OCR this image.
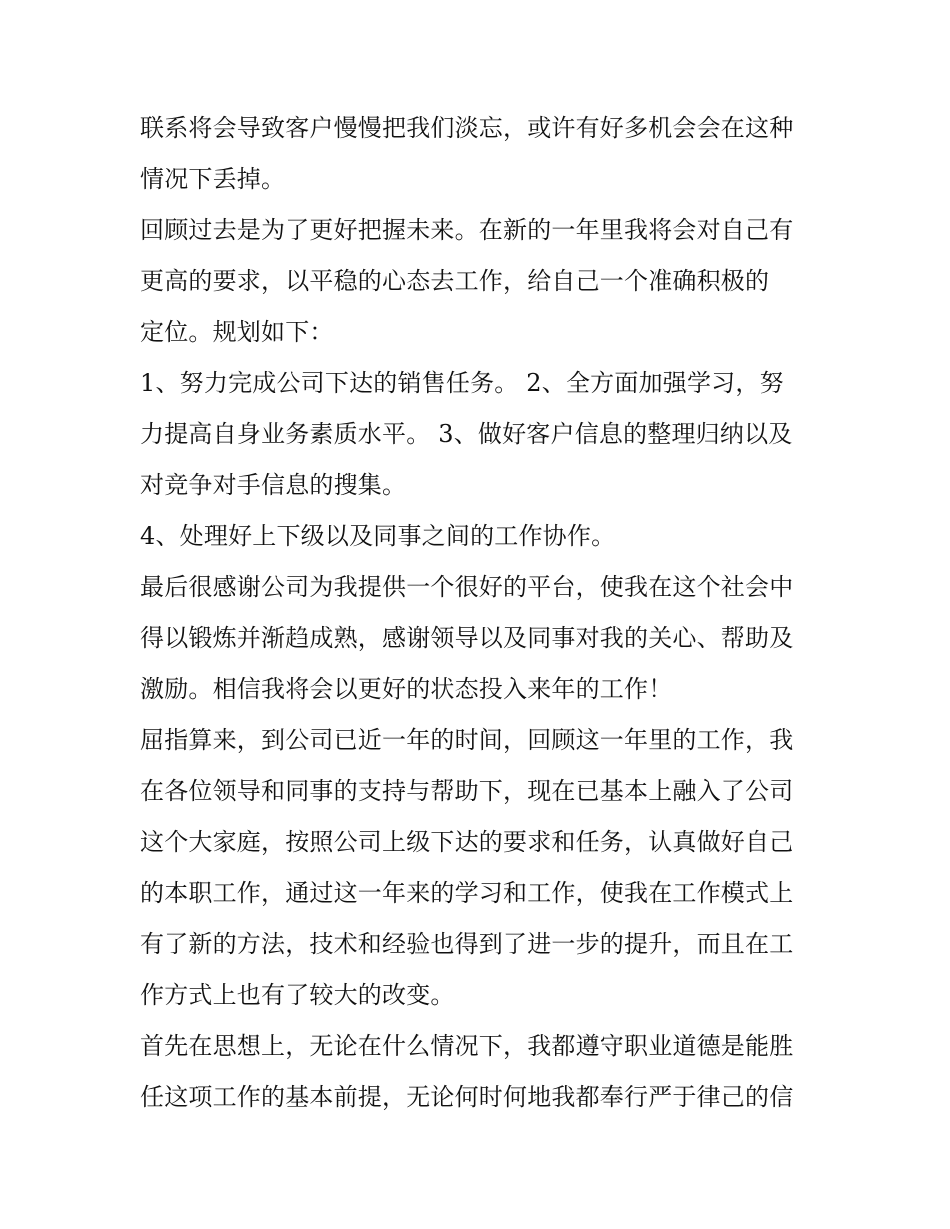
联系将会导致客户慢慢把我们淡忘，或许有好多机会会在这种
情况下丢掉。
回顾过去是为了更好把握未来。在新的一年里我将会对自己有
更高的要求，以平稳的心态去工作，给自己一个准确积极的
定位。规划如下：
1、努力完成公司下达的销售任务。 2、全方面加强学习，努
力提高自身业务素质水平。 3、做好客户信息的整理归纳以及
对竞争对手信息的搜集。
4、处理好上下级以及同事之间的工作协作。
最后很感谢公司为我提供一个很好的平台，使我在这个社会中
得以锻炼并渐趋成熟，感谢领导以及同事对我的关心、帮助及
激励。相信我将会以更好的状态投入来年的工作！
屈指算来，到公司已近一年的时间，回顾这一年里的工作，我
在各位领导和同事的支持与帮助下，现在已基本上融入了公司
这个大家庭，按照公司上级下达的要求和任务，认真做好自己
的本职工作，通过这一年来的学习和工作，使我在工作模式上
有了新的方法，技术和经验也得到了进一步的提升，而且在工
作方式上也有了较大的改变。
首先在思想上，无论在什么情况下，我都遵守职业道德是能胜
任这项工作的基本前提，无论何时何地我都奉行严于律己的信
